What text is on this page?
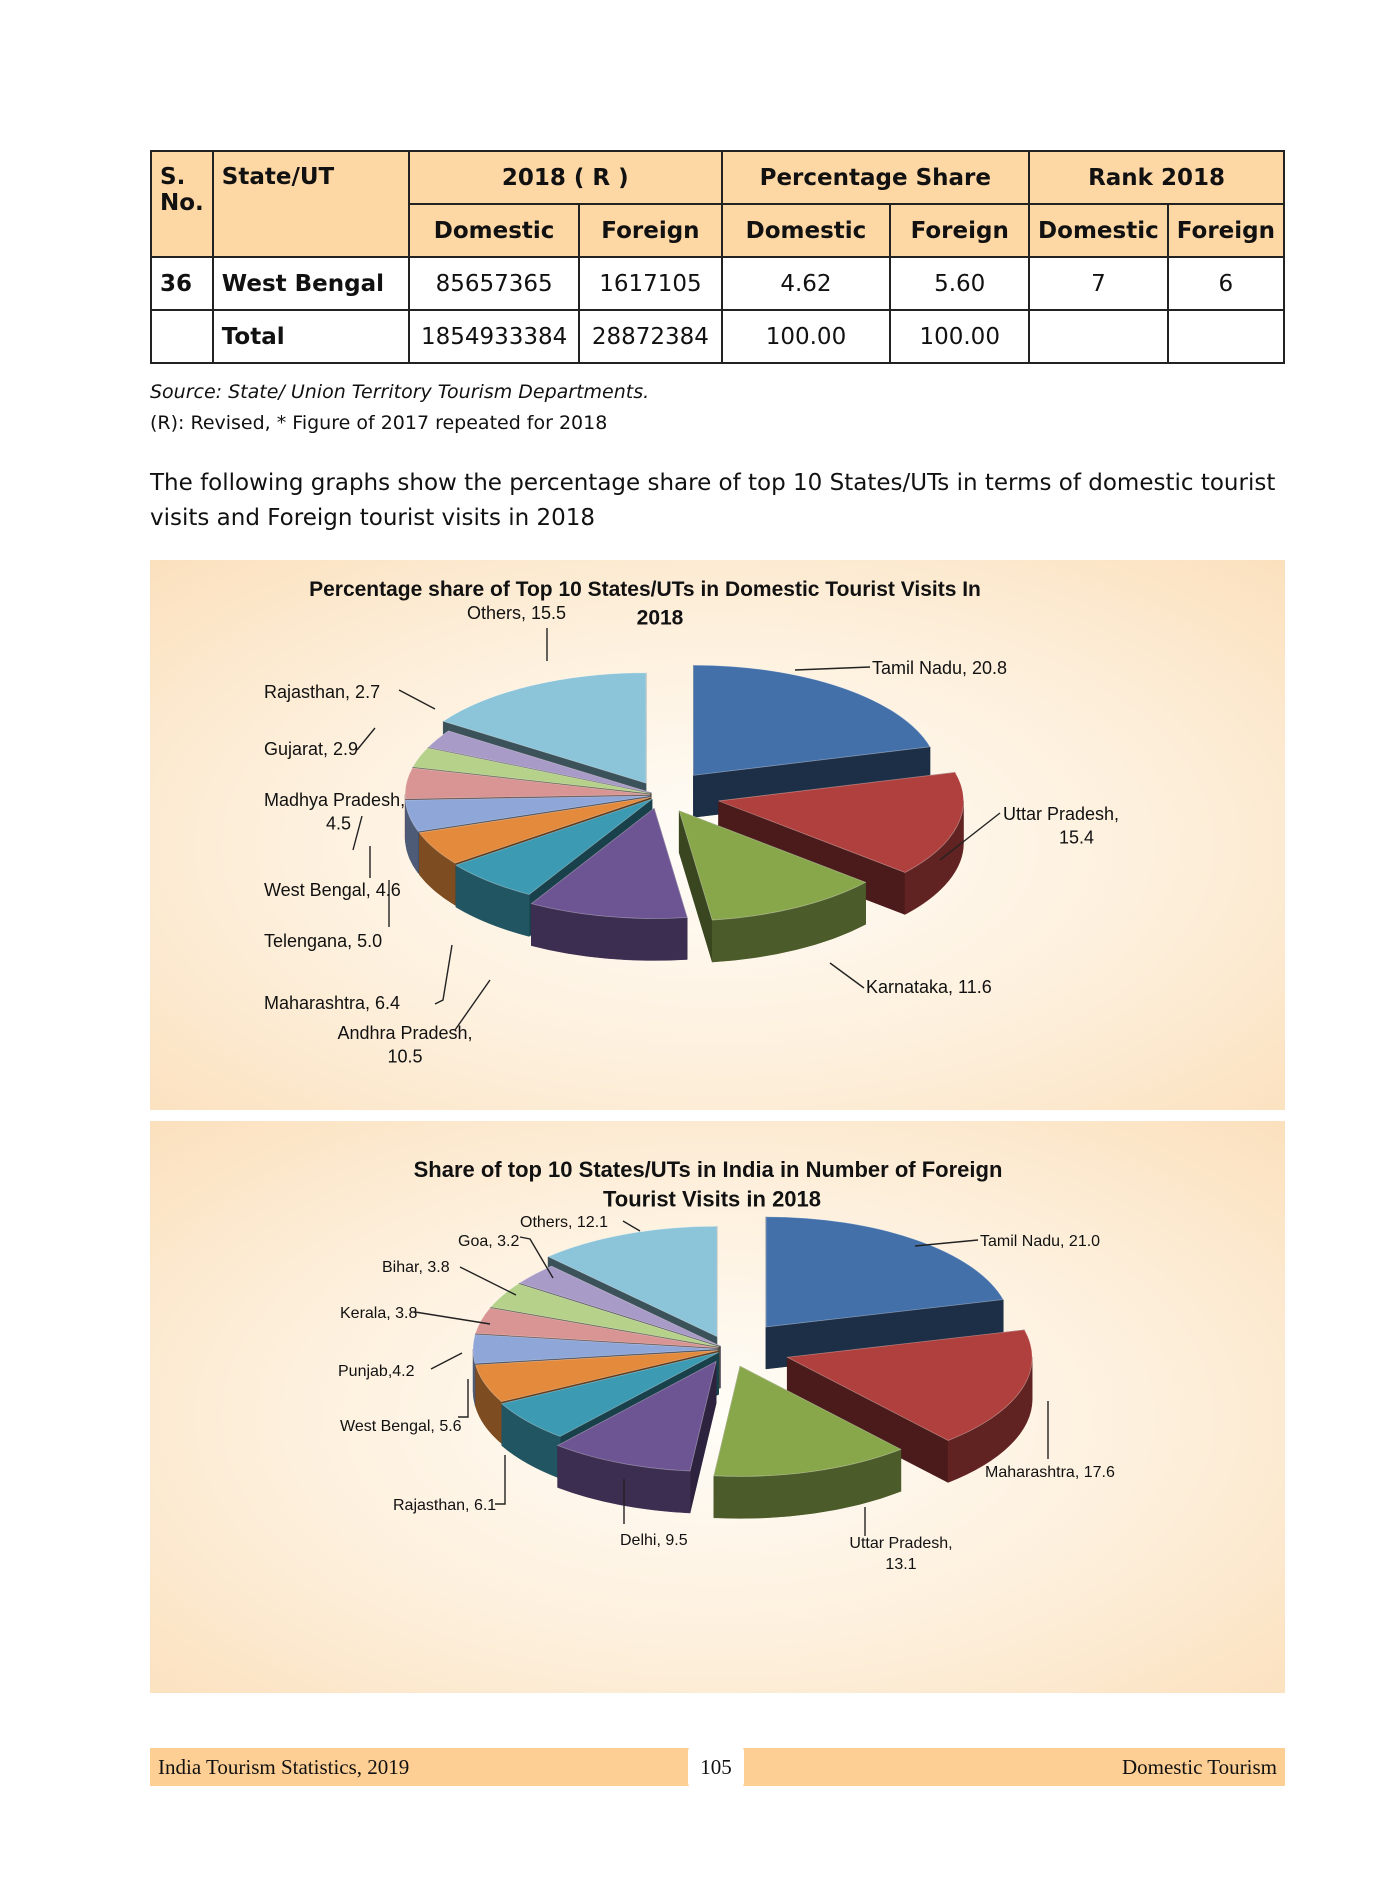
S. No.	State/UT	2018 ( R )		Percentage Share		Rank 2018	
		Domestic	Foreign	Domestic	Foreign	Domestic	Foreign
36	West Bengal	85657365	1617105	4.62	5.60	7	6
	Total	1854933384	28872384	100.00	100.00		
Source: State/ Union Territory Tourism Departments.
(R): Revised, * Figure of 2017 repeated for 2018
The following graphs show the percentage share of top 10 States/UTs in terms of domestic tourist visits and Foreign tourist visits in 2018
Tamil Nadu, 20.8
Uttar Pradesh, 15.4
Karnataka, 11.6
Andhra Pradesh, 10.5
Maharashtra, 6.4
Telengana, 5.0
West Bengal, 4.6
Madhya Pradesh, 4.5
Gujarat, 2.9
Rajasthan, 2.7
Others, 15.5
Percentage share of Top 10 States/UTs in Domestic Tourist Visits In 2018
Tamil Nadu, 21.0
Maharashtra, 17.6
Uttar Pradesh, 13.1
Delhi, 9.5
Rajasthan, 6.1
West Bengal, 5.6
Punjab,4.2
Kerala, 3.8
Bihar, 3.8
Goa, 3.2
Others, 12.1
Share of top 10 States/UTs in India in Number of Foreign Tourist Visits in 2018
India Tourism Statistics, 2019	105	Domestic Tourism
